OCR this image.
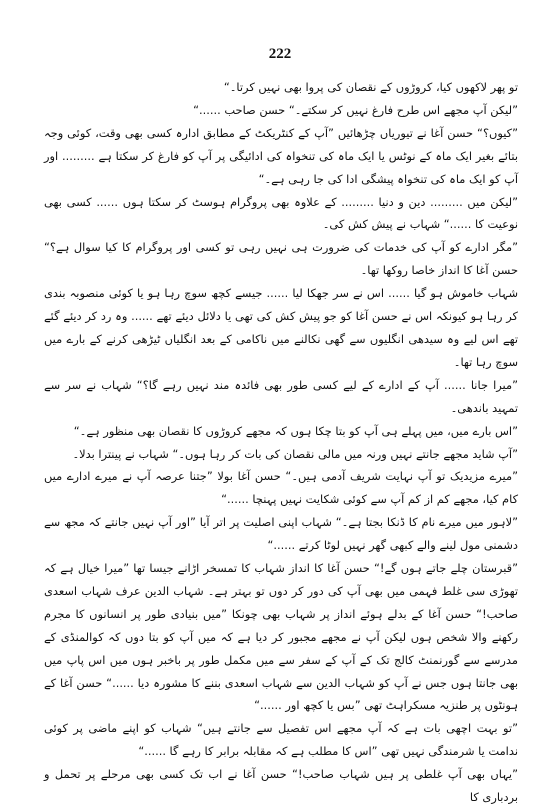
222

تو پھر لاکھوں کیا، کروڑوں کے نقصان کی پروا بھی نہیں کرتا۔“

”لیکن آپ مجھے اس طرح فارغ نہیں کر سکتے۔“ حسن صاحب ......“

”کیوں؟“ حسن آغا نے تیوریاں چڑھائیں ”آپ کے کنٹریکٹ کے مطابق ادارہ کسی بھی وقت، کوئی وجہ بتائے بغیر ایک ماہ کے نوٹس یا ایک ماہ کی تنخواہ کی ادائیگی پر آپ کو فارغ کر سکتا ہے ......... اور آپ کو ایک ماہ کی تنخواہ پیشگی ادا کی جا رہی ہے۔“

”لیکن میں ......... دین و دنیا ......... کے علاوہ بھی پروگرام ہوسٹ کر سکتا ہوں ...... کسی بھی نوعیت کا ......“ شہاب نے پیش کش کی۔

”مگر ادارے کو آپ کی خدمات کی ضرورت ہی نہیں رہی تو کسی اور پروگرام کا کیا سوال ہے؟“ حسن آغا کا انداز خاصا روکھا تھا۔

شہاب خاموش ہو گیا ...... اس نے سر جھکا لیا ...... جیسے کچھ سوچ رہا ہو یا کوئی منصوبہ بندی کر رہا ہو کیونکہ اس نے حسن آغا کو جو پیش کش کی تھی یا دلائل دیئے تھے ...... وہ رد کر دیئے گئے تھے اس لیے وہ سیدھی انگلیوں سے گھی نکالنے میں ناکامی کے بعد انگلیاں ٹیڑھی کرنے کے بارے میں سوچ رہا تھا۔

”میرا جانا ...... آپ کے ادارے کے لیے کسی طور بھی فائدہ مند نہیں رہے گا؟“ شہاب نے سر سے تمہید باندھی۔

”اس بارے میں، میں پہلے ہی آپ کو بتا چکا ہوں کہ مجھے کروڑوں کا نقصان بھی منظور ہے۔“

”آپ شاید مجھے جانتے نہیں ورنہ میں مالی نقصان کی بات کر رہا ہوں۔“ شہاب نے پینترا بدلا۔

”میرے مزیدیک تو آپ نہایت شریف آدمی ہیں۔“ حسن آغا بولا ”جتنا عرصہ آپ نے میرے ادارے میں کام کیا، مجھے کم از کم آپ سے کوئی شکایت نہیں پہنچا ......“

”لاہور میں میرے نام کا ڈنکا بجتا ہے۔“ شہاب اپنی اصلیت پر اتر آیا ”اور آپ نہیں جانتے کہ مجھ سے دشمنی مول لینے والے کبھی گھر نہیں لوٹا کرتے ......“

”قبرستان چلے جاتے ہوں گے!“ حسن آغا کا انداز شہاب کا تمسخر اڑانے جیسا تھا ”میرا خیال ہے کہ تھوڑی سی غلط فہمی میں بھی آپ کی دور کر دوں تو بہتر ہے۔ شہاب الدین عرف شہاب اسعدی صاحب!“ حسن آغا کے بدلے ہوئے انداز پر شہاب بھی چونکا ”میں بنیادی طور پر انسانوں کا مجرم رکھنے والا شخص ہوں لیکن آپ نے مجھے مجبور کر دیا ہے کہ میں آپ کو بتا دوں کہ کوالمنڈی کے مدرسے سے گورنمنٹ کالج تک کے آپ کے سفر سے میں مکمل طور پر باخبر ہوں میں اس پاپ میں بھی جانتا ہوں جس نے آپ کو شہاب الدین سے شہاب اسعدی بننے کا مشورہ دیا ......“ حسن آغا کے ہونٹوں پر طنزیہ مسکراہٹ تھی ”بس یا کچھ اور ......“

”تو بہت اچھی بات ہے کہ آپ مجھے اس تفصیل سے جانتے ہیں“ شہاب کو اپنے ماضی پر کوئی ندامت یا شرمندگی نہیں تھی ”اس کا مطلب ہے کہ مقابلہ برابر کا رہے گا ......“

”یہاں بھی آپ غلطی پر ہیں شہاب صاحب!“ حسن آغا نے اب تک کسی بھی مرحلے پر تحمل و بردباری کا
